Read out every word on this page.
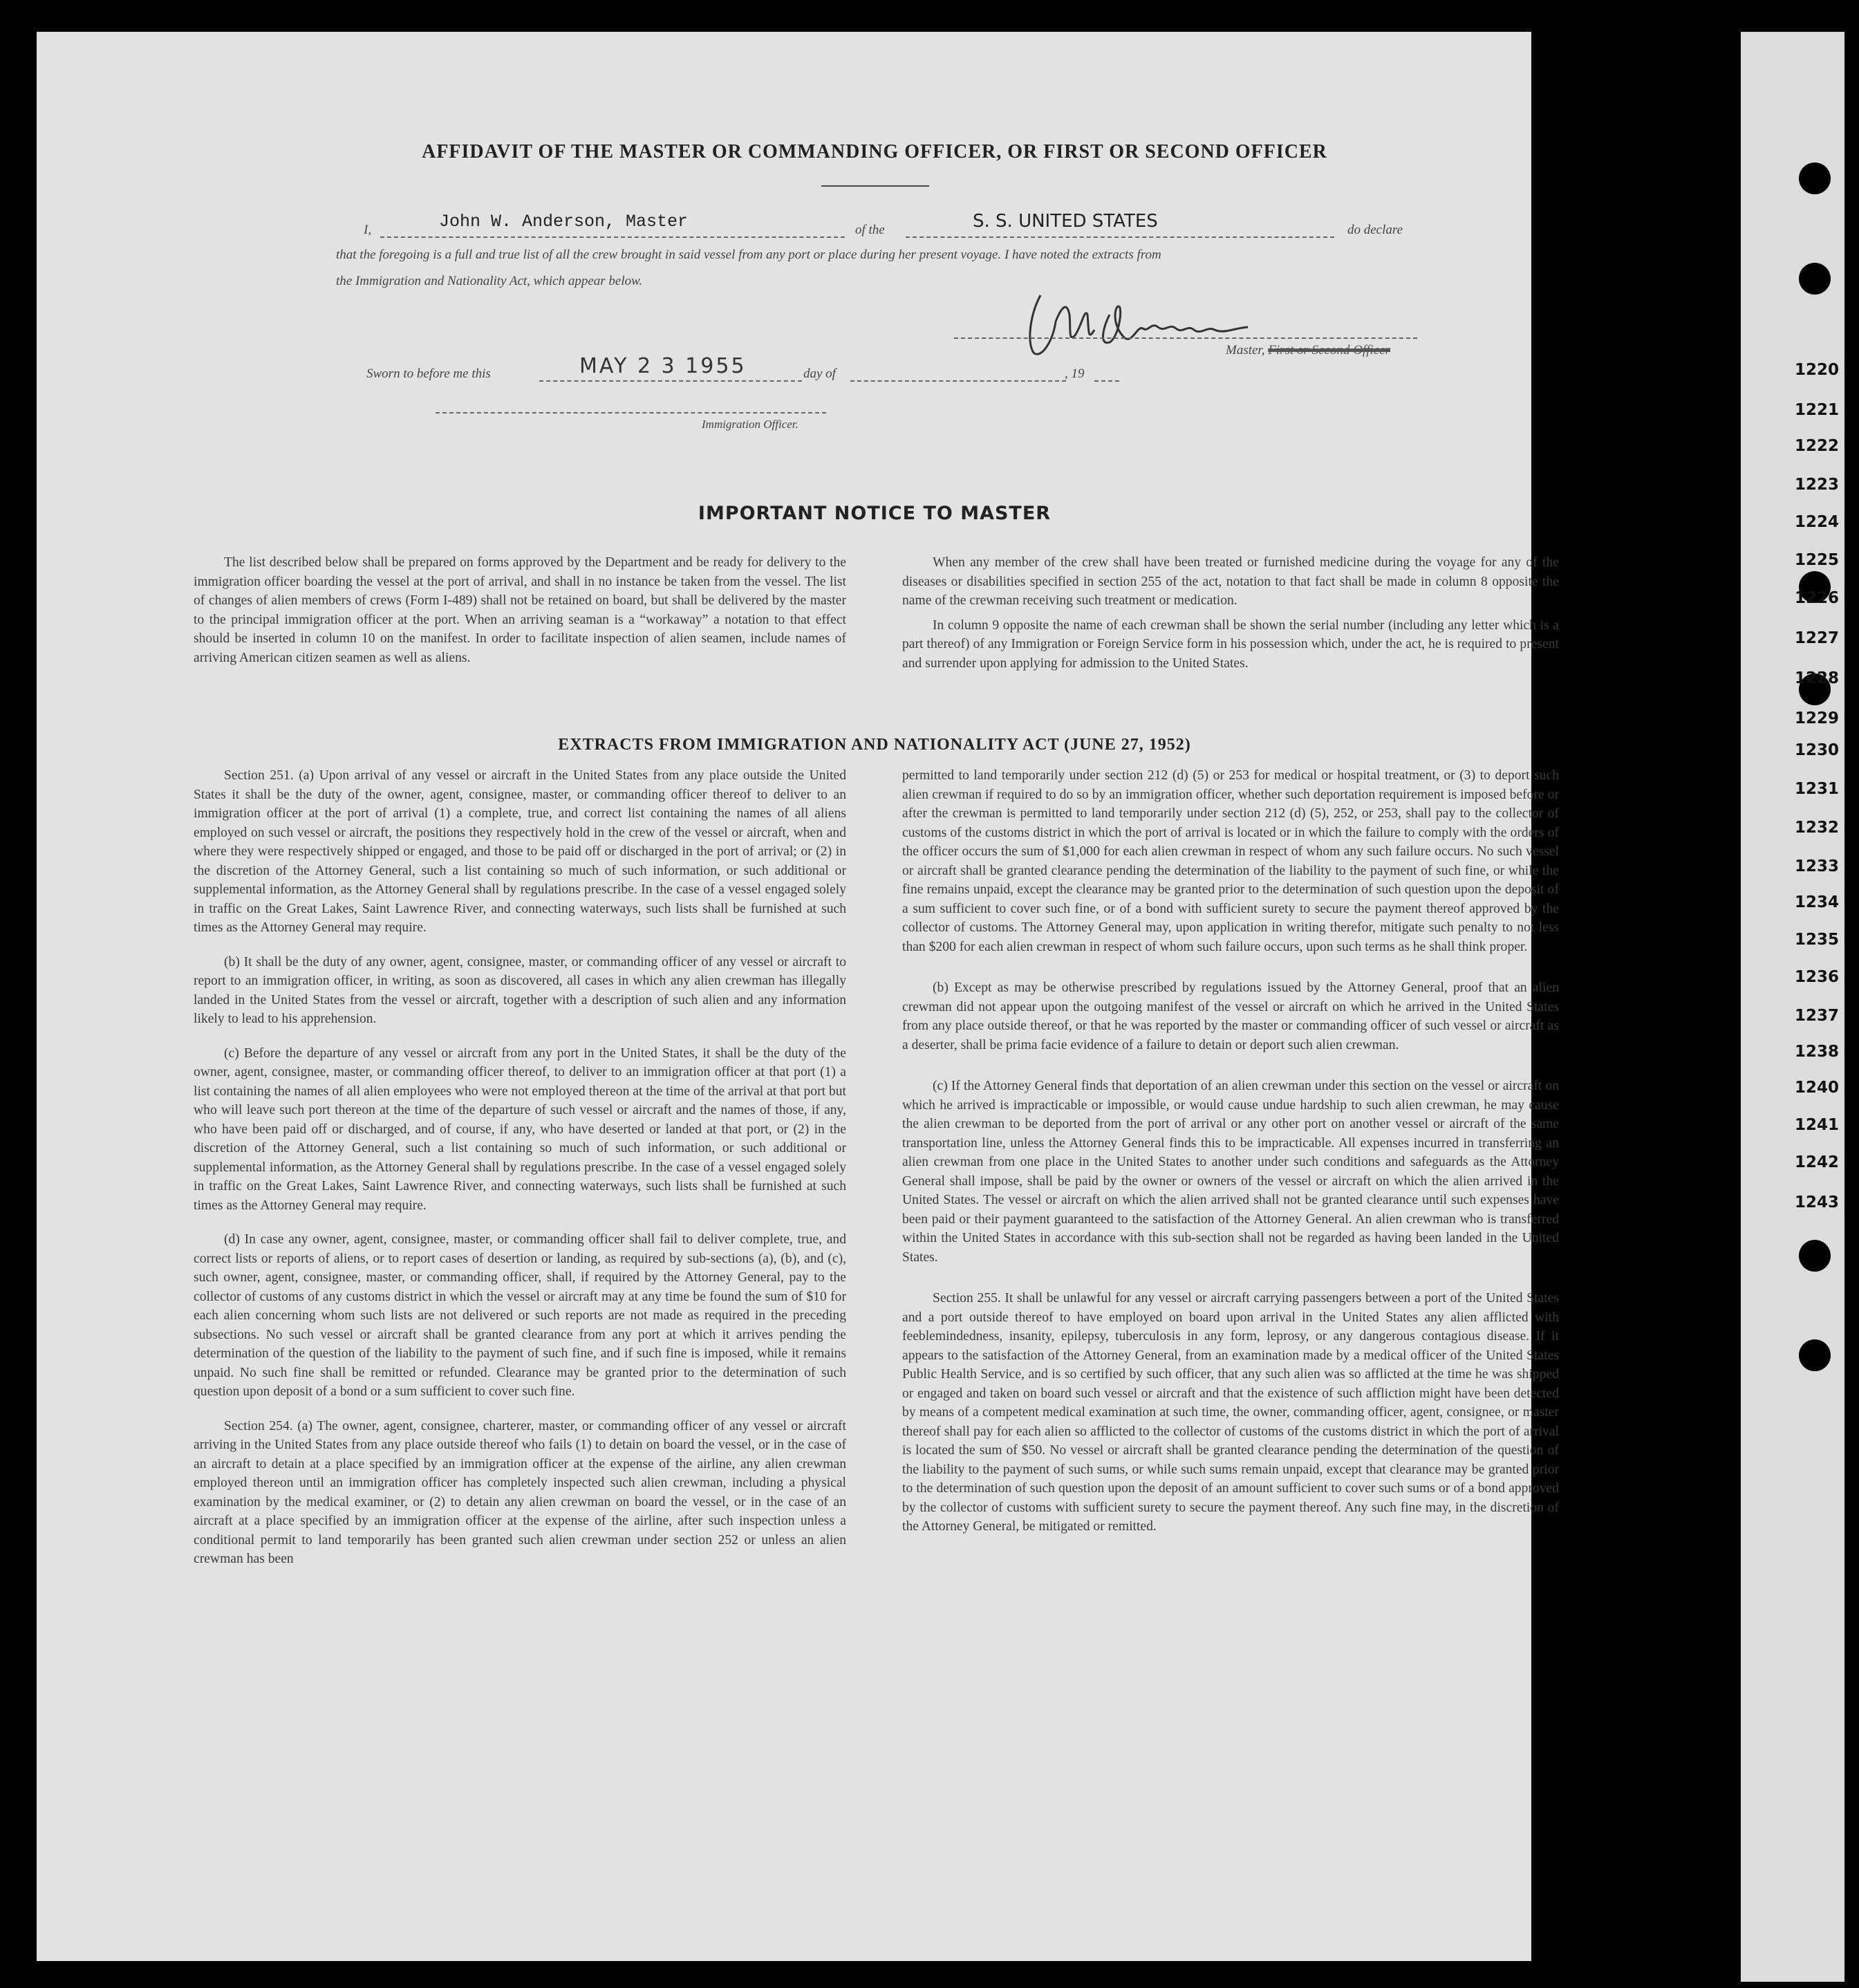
AFFIDAVIT OF THE MASTER OR COMMANDING OFFICER, OR FIRST OR SECOND OFFICER
I,	John W. Anderson, Master	of the	S. S. UNITED STATES	do declare
that the foregoing is a full and true list of all the crew brought in said vessel from any port or place during her present voyage. I have noted the extracts from
the Immigration and Nationality Act, which appear below.
Master, First or Second Officer
Sworn to before me this	MAY 2 3 1955	day of	, 19
Immigration Officer.
IMPORTANT NOTICE TO MASTER

The list described below shall be prepared on forms approved by the Department and be ready for delivery to the immigration officer boarding the vessel at the port of arrival, and shall in no instance be taken from the vessel. The list of changes of alien members of crews (Form I-489) shall not be retained on board, but shall be delivered by the master to the principal immigration officer at the port. When an arriving seaman is a “workaway” a notation to that effect should be inserted in column 10 on the manifest. In order to facilitate inspection of alien seamen, include names of arriving American citizen seamen as well as aliens.

When any member of the crew shall have been treated or furnished medicine during the voyage for any of the diseases or disabilities specified in section 255 of the act, notation to that fact shall be made in column 8 opposite the name of the crewman receiving such treatment or medication.

In column 9 opposite the name of each crewman shall be shown the serial number (including any letter which is a part thereof) of any Immigration or Foreign Service form in his possession which, under the act, he is required to present and surrender upon applying for admission to the United States.

EXTRACTS FROM IMMIGRATION AND NATIONALITY ACT (JUNE 27, 1952)

Section 251. (a) Upon arrival of any vessel or aircraft in the United States from any place outside the United States it shall be the duty of the owner, agent, consignee, master, or commanding officer thereof to deliver to an immigration officer at the port of arrival (1) a complete, true, and correct list containing the names of all aliens employed on such vessel or aircraft, the positions they respectively hold in the crew of the vessel or aircraft, when and where they were respectively shipped or engaged, and those to be paid off or discharged in the port of arrival; or (2) in the discretion of the Attorney General, such a list containing so much of such information, or such additional or supplemental information, as the Attorney General shall by regulations prescribe. In the case of a vessel engaged solely in traffic on the Great Lakes, Saint Lawrence River, and connecting waterways, such lists shall be furnished at such times as the Attorney General may require.

(b) It shall be the duty of any owner, agent, consignee, master, or commanding officer of any vessel or aircraft to report to an immigration officer, in writing, as soon as discovered, all cases in which any alien crewman has illegally landed in the United States from the vessel or aircraft, together with a description of such alien and any information likely to lead to his apprehension.

(c) Before the departure of any vessel or aircraft from any port in the United States, it shall be the duty of the owner, agent, consignee, master, or commanding officer thereof, to deliver to an immigration officer at that port (1) a list containing the names of all alien employees who were not employed thereon at the time of the arrival at that port but who will leave such port thereon at the time of the departure of such vessel or aircraft and the names of those, if any, who have been paid off or discharged, and of course, if any, who have deserted or landed at that port, or (2) in the discretion of the Attorney General, such a list containing so much of such information, or such additional or supplemental information, as the Attorney General shall by regulations prescribe. In the case of a vessel engaged solely in traffic on the Great Lakes, Saint Lawrence River, and connecting waterways, such lists shall be furnished at such times as the Attorney General may require.

(d) In case any owner, agent, consignee, master, or commanding officer shall fail to deliver complete, true, and correct lists or reports of aliens, or to report cases of desertion or landing, as required by sub-sections (a), (b), and (c), such owner, agent, consignee, master, or commanding officer, shall, if required by the Attorney General, pay to the collector of customs of any customs district in which the vessel or aircraft may at any time be found the sum of $10 for each alien concerning whom such lists are not delivered or such reports are not made as required in the preceding subsections. No such vessel or aircraft shall be granted clearance from any port at which it arrives pending the determination of the question of the liability to the payment of such fine, and if such fine is imposed, while it remains unpaid. No such fine shall be remitted or refunded. Clearance may be granted prior to the determination of such question upon deposit of a bond or a sum sufficient to cover such fine.

Section 254. (a) The owner, agent, consignee, charterer, master, or commanding officer of any vessel or aircraft arriving in the United States from any place outside thereof who fails (1) to detain on board the vessel, or in the case of an aircraft to detain at a place specified by an immigration officer at the expense of the airline, any alien crewman employed thereon until an immigration officer has completely inspected such alien crewman, including a physical examination by the medical examiner, or (2) to detain any alien crewman on board the vessel, or in the case of an aircraft at a place specified by an immigration officer at the expense of the airline, after such inspection unless a conditional permit to land temporarily has been granted such alien crewman under section 252 or unless an alien crewman has been

permitted to land temporarily under section 212 (d) (5) or 253 for medical or hospital treatment, or (3) to deport such alien crewman if required to do so by an immigration officer, whether such deportation requirement is imposed before or after the crewman is permitted to land temporarily under section 212 (d) (5), 252, or 253, shall pay to the collector of customs of the customs district in which the port of arrival is located or in which the failure to comply with the orders of the officer occurs the sum of $1,000 for each alien crewman in respect of whom any such failure occurs. No such vessel or aircraft shall be granted clearance pending the determination of the liability to the payment of such fine, or while the fine remains unpaid, except the clearance may be granted prior to the determination of such question upon the deposit of a sum sufficient to cover such fine, or of a bond with sufficient surety to secure the payment thereof approved by the collector of customs. The Attorney General may, upon application in writing therefor, mitigate such penalty to not less than $200 for each alien crewman in respect of whom such failure occurs, upon such terms as he shall think proper.

(b) Except as may be otherwise prescribed by regulations issued by the Attorney General, proof that an alien crewman did not appear upon the outgoing manifest of the vessel or aircraft on which he arrived in the United States from any place outside thereof, or that he was reported by the master or commanding officer of such vessel or aircraft as a deserter, shall be prima facie evidence of a failure to detain or deport such alien crewman.

(c) If the Attorney General finds that deportation of an alien crewman under this section on the vessel or aircraft on which he arrived is impracticable or impossible, or would cause undue hardship to such alien crewman, he may cause the alien crewman to be deported from the port of arrival or any other port on another vessel or aircraft of the same transportation line, unless the Attorney General finds this to be impracticable. All expenses incurred in transferring an alien crewman from one place in the United States to another under such conditions and safeguards as the Attorney General shall impose, shall be paid by the owner or owners of the vessel or aircraft on which the alien arrived in the United States. The vessel or aircraft on which the alien arrived shall not be granted clearance until such expenses have been paid or their payment guaranteed to the satisfaction of the Attorney General. An alien crewman who is transferred within the United States in accordance with this sub-section shall not be regarded as having been landed in the United States.

Section 255. It shall be unlawful for any vessel or aircraft carrying passengers between a port of the United States and a port outside thereof to have employed on board upon arrival in the United States any alien afflicted with feeblemindedness, insanity, epilepsy, tuberculosis in any form, leprosy, or any dangerous contagious disease. If it appears to the satisfaction of the Attorney General, from an examination made by a medical officer of the United States Public Health Service, and is so certified by such officer, that any such alien was so afflicted at the time he was shipped or engaged and taken on board such vessel or aircraft and that the existence of such affliction might have been detected by means of a competent medical examination at such time, the owner, commanding officer, agent, consignee, or master thereof shall pay for each alien so afflicted to the collector of customs of the customs district in which the port of arrival is located the sum of $50. No vessel or aircraft shall be granted clearance pending the determination of the question of the liability to the payment of such sums, or while such sums remain unpaid, except that clearance may be granted prior to the determination of such question upon the deposit of an amount sufficient to cover such sums or of a bond approved by the collector of customs with sufficient surety to secure the payment thereof. Any such fine may, in the discretion of the Attorney General, be mitigated or remitted.

1220
1221
1222
1223
1224
1225
1226
1227
1228
1229
1230
1231
1232
1233
1234
1235
1236
1237
1238
1240
1241
1242
1243
